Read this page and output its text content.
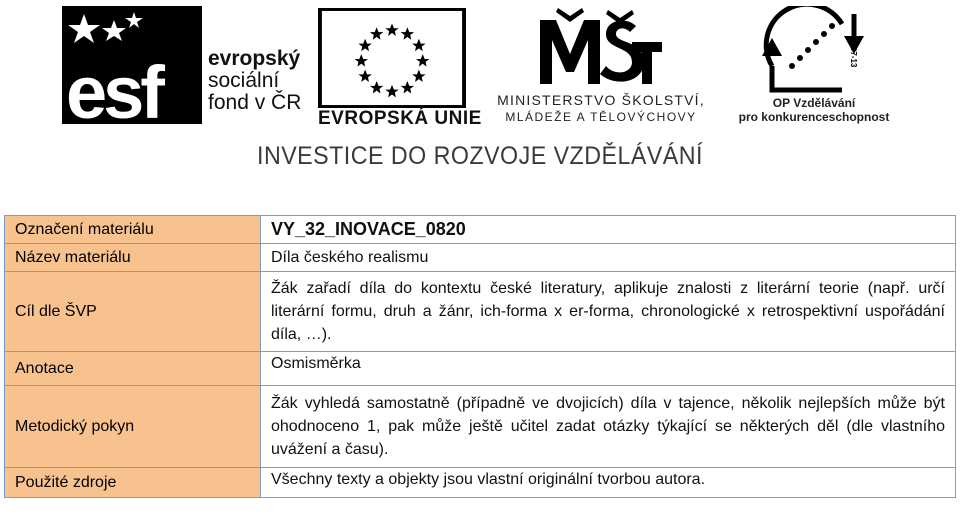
esf evropský
sociální
fond v ČR
EVROPSKÁ UNIE
MINISTERSTVO ŠKOLSTVÍ,
MLÁDEŽE A TĚLOVÝCHOVY
2007-13
OP Vzdělávání
pro konkurenceschopnost
INVESTICE DO ROZVOJE VZDĚLÁVÁNÍ
Označení materiálu	VY_32_INOVACE_0820
Název materiálu	Díla českého realismu
Cíl dle ŠVP	Žák zařadí díla do kontextu české literatury, aplikuje znalosti z literární teorie (např. určí literární formu, druh a žánr, ich-forma x er-forma, chronologické x retrospektivní uspořádání díla, …).
Anotace	Osmisměrka
Metodický pokyn	Žák vyhledá samostatně (případně ve dvojicích) díla v tajence, několik nejlepších může být ohodnoceno 1, pak může ještě učitel zadat otázky týkající se některých děl (dle vlastního uvážení a času).
Použité zdroje	Všechny texty a objekty jsou vlastní originální tvorbou autora.
